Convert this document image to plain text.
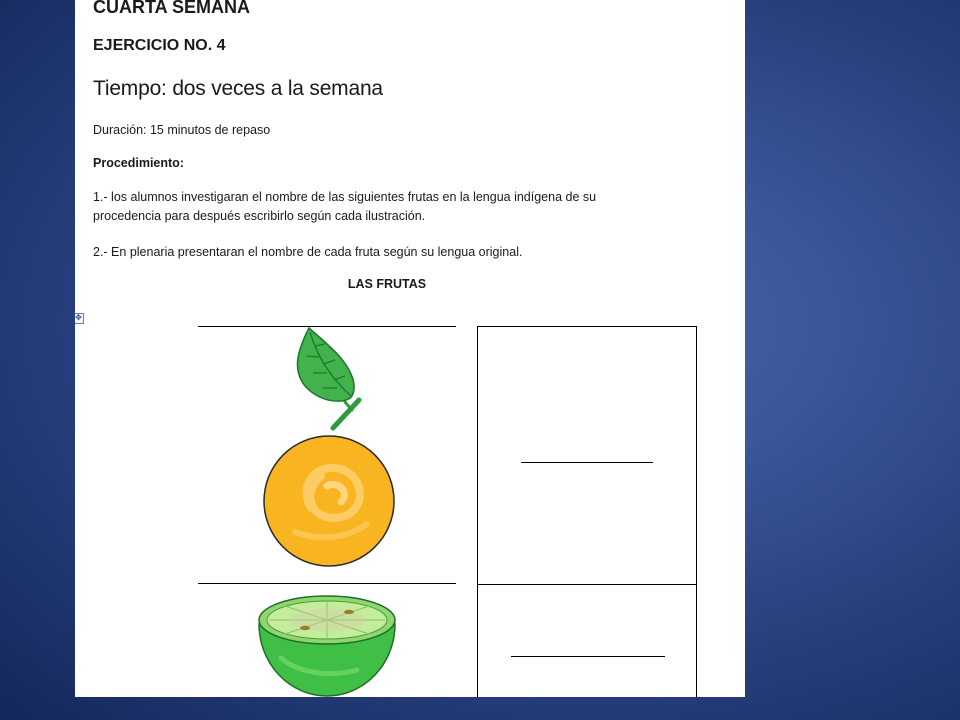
CUARTA SEMANA
EJERCICIO NO. 4
Tiempo: dos veces a la semana

Duración: 15 minutos de repaso

Procedimiento:

1.- los alumnos investigaran el nombre de las siguientes frutas en la lengua indígena de su
procedencia para después escribirlo según cada ilustración.

2.- En plenaria presentaran el nombre de cada fruta según su lengua original.

LAS FRUTAS
✥
